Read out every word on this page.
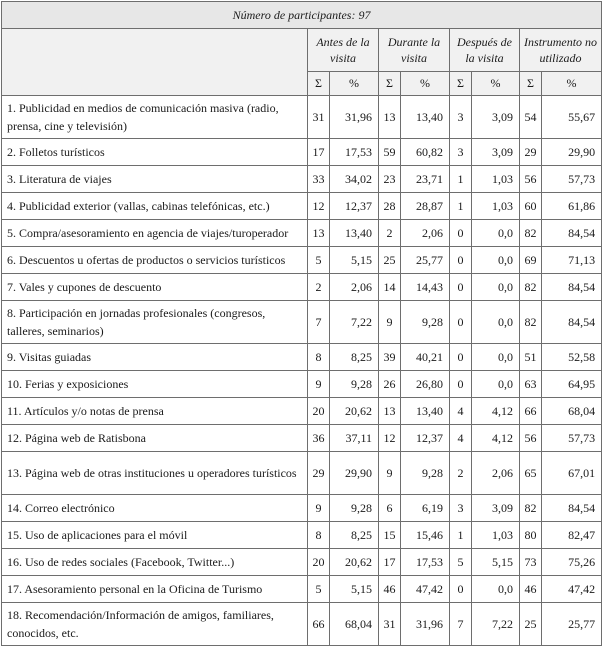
Número de participantes: 97								
	Antes de la visita		Durante la visita		Después de la visita		Instrumento no utilizado	
	Σ	%	Σ	%	Σ	%	Σ	%
1. Publicidad en medios de comunicación masiva (radio, prensa, cine y televisión)	31	31,96	13	13,40	3	3,09	54	55,67
2. Folletos turísticos	17	17,53	59	60,82	3	3,09	29	29,90
3. Literatura de viajes	33	34,02	23	23,71	1	1,03	56	57,73
4. Publicidad exterior (vallas, cabinas telefónicas, etc.)	12	12,37	28	28,87	1	1,03	60	61,86
5. Compra/asesoramiento en agencia de viajes/turoperador	13	13,40	2	2,06	0	0,0	82	84,54
6. Descuentos u ofertas de productos o servicios turísticos	5	5,15	25	25,77	0	0,0	69	71,13
7. Vales y cupones de descuento	2	2,06	14	14,43	0	0,0	82	84,54
8. Participación en jornadas profesionales (congresos, talleres, seminarios)	7	7,22	9	9,28	0	0,0	82	84,54
9. Visitas guiadas	8	8,25	39	40,21	0	0,0	51	52,58
10. Ferias y exposiciones	9	9,28	26	26,80	0	0,0	63	64,95
11. Artículos y/o notas de prensa	20	20,62	13	13,40	4	4,12	66	68,04
12. Página web de Ratisbona	36	37,11	12	12,37	4	4,12	56	57,73
13. Página web de otras instituciones u operadores turísticos	29	29,90	9	9,28	2	2,06	65	67,01
14. Correo electrónico	9	9,28	6	6,19	3	3,09	82	84,54
15. Uso de aplicaciones para el móvil	8	8,25	15	15,46	1	1,03	80	82,47
16. Uso de redes sociales (Facebook, Twitter...)	20	20,62	17	17,53	5	5,15	73	75,26
17. Asesoramiento personal en la Oficina de Turismo	5	5,15	46	47,42	0	0,0	46	47,42
18. Recomendación/Información de amigos, familiares, conocidos, etc.	66	68,04	31	31,96	7	7,22	25	25,77
